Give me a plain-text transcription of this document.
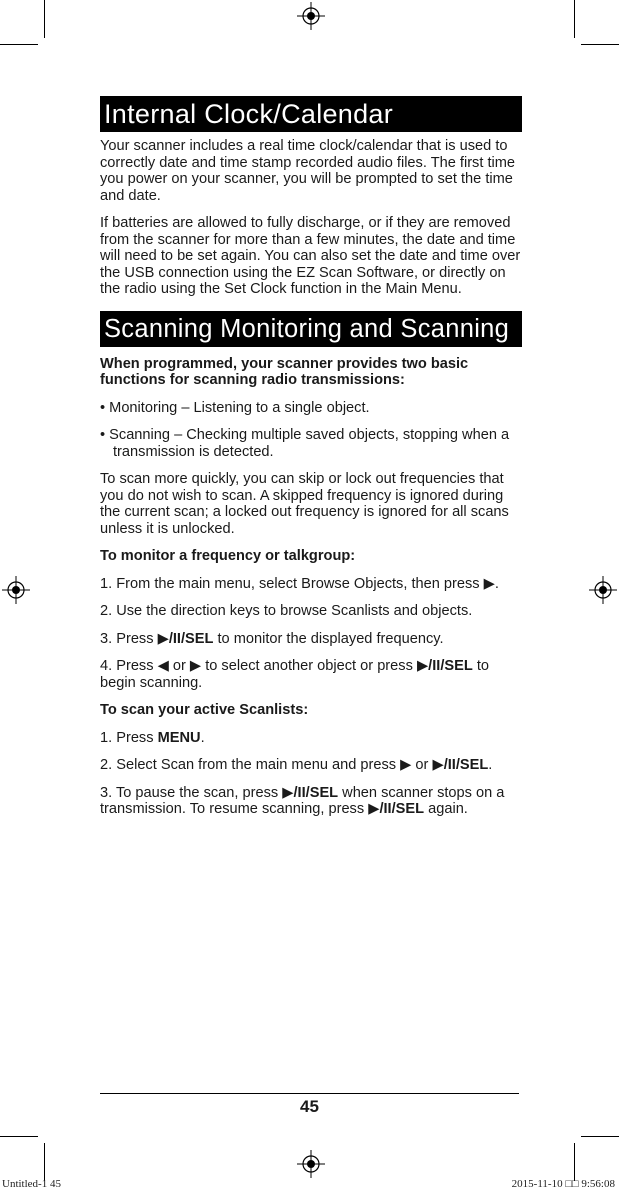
Internal Clock/Calendar

Your scanner includes a real time clock/calendar that is used to correctly date and time stamp recorded audio files. The first time you power on your scanner, you will be prompted to set the time and date.

If batteries are allowed to fully discharge, or if they are removed from the scanner for more than a few minutes, the date and time will need to be set again. You can also set the date and time over the USB connection using the EZ Scan Software, or directly on the radio using the Set Clock function in the Main Menu.

Scanning Monitoring and Scanning

When programmed, your scanner provides two basic functions for scanning radio transmissions:

• Monitoring – Listening to a single object.

• Scanning – Checking multiple saved objects, stopping when a transmission is detected.

To scan more quickly, you can skip or lock out frequencies that you do not wish to scan. A skipped frequency is ignored during the current scan; a locked out frequency is ignored for all scans unless it is unlocked.

To monitor a frequency or talkgroup:

1. From the main menu, select Browse Objects, then press ▶.

2. Use the direction keys to browse Scanlists and objects.

3. Press ▶/II/SEL to monitor the displayed frequency.

4. Press ◀ or ▶ to select another object or press ▶/II/SEL to begin scanning.

To scan your active Scanlists:

1. Press MENU.

2. Select Scan from the main menu and press ▶ or ▶/II/SEL.

3. To pause the scan, press ▶/II/SEL when scanner stops on a transmission. To resume scanning, press ▶/II/SEL again.

45
Untitled-1 45	2015-11-10 □□ 9:56:08
